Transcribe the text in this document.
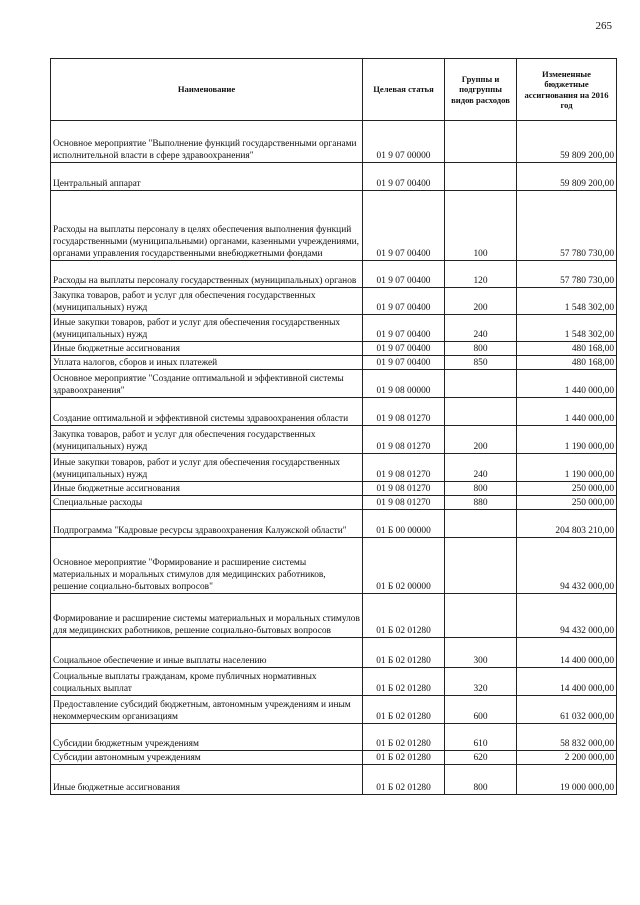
265
Наименование	Целевая статья	Группы и подгруппы видов расходов	Измененные бюджетные ассигнования на 2016 год
Основное мероприятие "Выполнение функций государственными органами исполнительной власти в сфере здравоохранения"	01 9 07 00000		59 809 200,00
Центральный аппарат	01 9 07 00400		59 809 200,00
Расходы на выплаты персоналу в целях обеспечения выполнения функций государственными (муниципальными) органами, казенными учреждениями, органами управления государственными внебюджетными фондами	01 9 07 00400	100	57 780 730,00
Расходы на выплаты персоналу государственных (муниципальных) органов	01 9 07 00400	120	57 780 730,00
Закупка товаров, работ и услуг для обеспечения государственных (муниципальных) нужд	01 9 07 00400	200	1 548 302,00
Иные закупки товаров, работ и услуг для обеспечения государственных (муниципальных) нужд	01 9 07 00400	240	1 548 302,00
Иные бюджетные ассигнования	01 9 07 00400	800	480 168,00
Уплата налогов, сборов и иных платежей	01 9 07 00400	850	480 168,00
Основное мероприятие "Создание оптимальной и эффективной системы здравоохранения"	01 9 08 00000		1 440 000,00
Создание оптимальной и эффективной системы здравоохранения области	01 9 08 01270		1 440 000,00
Закупка товаров, работ и услуг для обеспечения государственных (муниципальных) нужд	01 9 08 01270	200	1 190 000,00
Иные закупки товаров, работ и услуг для обеспечения государственных (муниципальных) нужд	01 9 08 01270	240	1 190 000,00
Иные бюджетные ассигнования	01 9 08 01270	800	250 000,00
Специальные расходы	01 9 08 01270	880	250 000,00
Подпрограмма "Кадровые ресурсы здравоохранения Калужской области"	01 Б 00 00000		204 803 210,00
Основное мероприятие "Формирование и расширение системы материальных и моральных стимулов для медицинских работников, решение социально-бытовых вопросов"	01 Б 02 00000		94 432 000,00
Формирование и расширение системы материальных и моральных стимулов для медицинских работников, решение социально-бытовых вопросов	01 Б 02 01280		94 432 000,00
Социальное обеспечение и иные выплаты населению	01 Б 02 01280	300	14 400 000,00
Социальные выплаты гражданам, кроме публичных нормативных социальных выплат	01 Б 02 01280	320	14 400 000,00
Предоставление субсидий бюджетным, автономным учреждениям и иным некоммерческим организациям	01 Б 02 01280	600	61 032 000,00
Субсидии бюджетным учреждениям	01 Б 02 01280	610	58 832 000,00
Субсидии автономным учреждениям	01 Б 02 01280	620	2 200 000,00
Иные бюджетные ассигнования	01 Б 02 01280	800	19 000 000,00
